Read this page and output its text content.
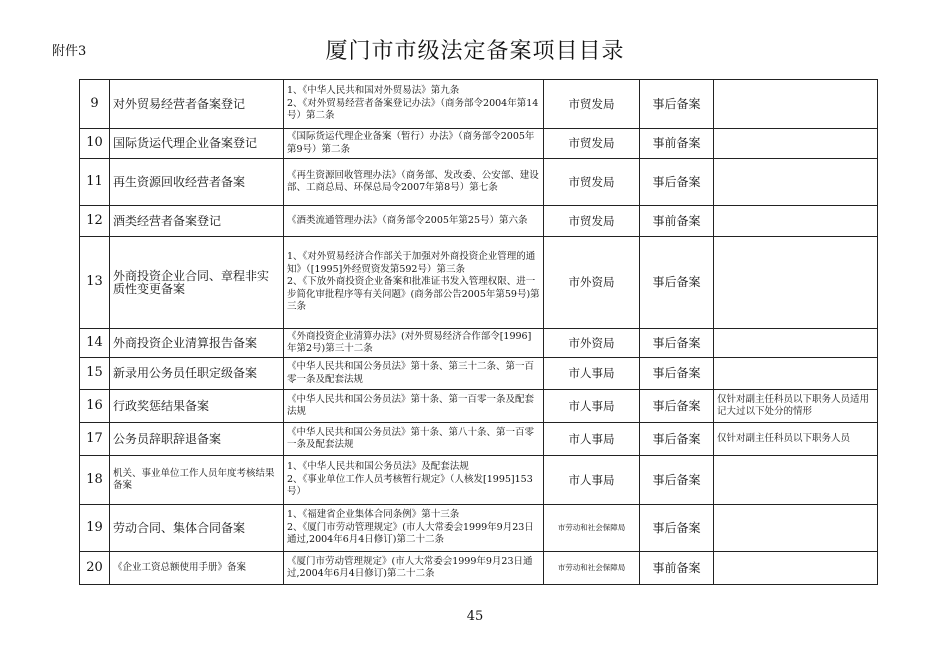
附件3	厦门市市级法定备案项目目录
9	对外贸易经营者备案登记	1、《中华人民共和国对外贸易法》第九条
2、《对外贸易经营者备案登记办法》（商务部令2004年第14号）第二条	市贸发局	事后备案	
10	国际货运代理企业备案登记	《国际货运代理企业备案（暂行）办法》（商务部令2005年第9号）第二条	市贸发局	事前备案	
11	再生资源回收经营者备案	《再生资源回收管理办法》（商务部、发改委、公安部、建设部、工商总局、环保总局令2007年第8号）第七条	市贸发局	事后备案	
12	酒类经营者备案登记	《酒类流通管理办法》（商务部令2005年第25号）第六条	市贸发局	事前备案	
13	外商投资企业合同、章程非实质性变更备案	1、《对外贸易经济合作部关于加强对外商投资企业管理的通知》（[1995]外经贸资发第592号）第三条
2、《下放外商投资企业备案和批准证书发入管理权限、进一步简化审批程序等有关问题》(商务部公告2005年第59号)第三条	市外资局	事后备案	
14	外商投资企业清算报告备案	《外商投资企业清算办法》(对外贸易经济合作部令[1996]年第2号)第三十二条	市外资局	事后备案	
15	新录用公务员任职定级备案	《中华人民共和国公务员法》第十条、第三十二条、第一百零一条及配套法规	市人事局	事后备案	
16	行政奖惩结果备案	《中华人民共和国公务员法》第十条、第一百零一条及配套法规	市人事局	事后备案	仅针对副主任科员以下职务人员适用记大过以下处分的情形
17	公务员辞职辞退备案	《中华人民共和国公务员法》第十条、第八十条、第一百零一条及配套法规	市人事局	事后备案	仅针对副主任科员以下职务人员
18	机关、事业单位工作人员年度考核结果备案	1、《中华人民共和国公务员法》及配套法规
2、《事业单位工作人员考核暂行规定》（人核发[1995]153号）	市人事局	事后备案	
19	劳动合同、集体合同备案	1、《福建省企业集体合同条例》第十三条
2、《厦门市劳动管理规定》(市人大常委会1999年9月23日通过,2004年6月4日修订)第二十二条	市劳动和社会保障局	事后备案	
20	《企业工资总额使用手册》备案	《厦门市劳动管理规定》(市人大常委会1999年9月23日通过,2004年6月4日修订)第二十二条	市劳动和社会保障局	事前备案	
45
